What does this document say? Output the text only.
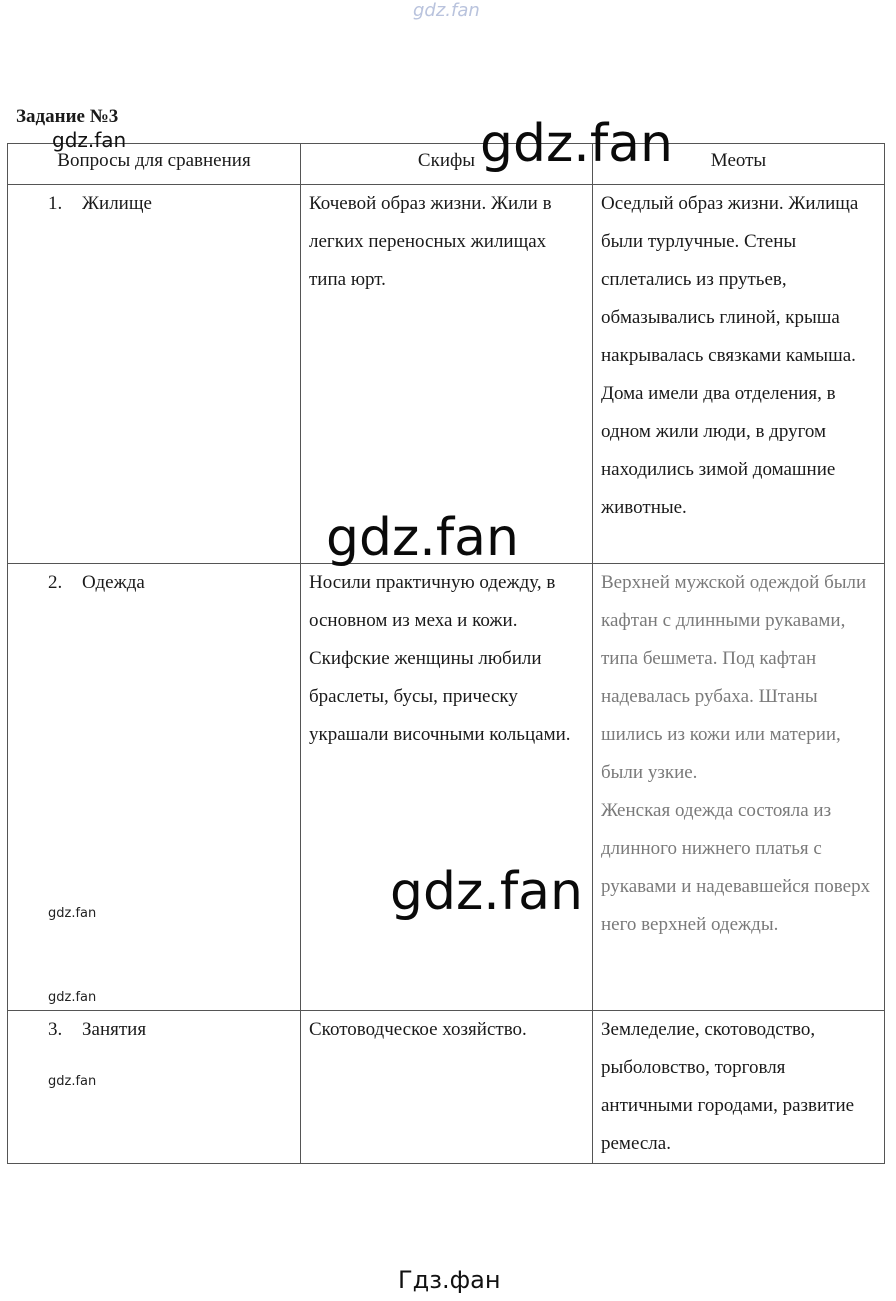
gdz.fan
Задание №3
Вопросы для сравнения	Скифы	Меоты
1. Жилище	Кочевой образ жизни. Жили в легких переносных жилищах типа юрт.	Оседлый образ жизни. Жилища были турлучные. Стены сплетались из прутьев, обмазывались глиной, крыша накрывалась связками камыша. Дома имели два отделения, в одном жили люди, в другом находились зимой домашние животные.
2. Одежда	Носили практичную одежду, в основном из меха и кожи. Скифские женщины любили браслеты, бусы, прическу украшали височными кольцами.	Верхней мужской одеждой были кафтан с длинными рукавами, типа бешмета. Под кафтан надевалась рубаха. Штаны шились из кожи или материи, были узкие.
Женская одежда состояла из длинного нижнего платья с рукавами и надевавшейся поверх него верхней одежды.

3. Занятия	Скотоводческое хозяйство.	Земледелие, скотоводство, рыболовство, торговля античными городами, развитие ремесла.
gdz.fan	gdz.fan
gdz.fan
gdz.fan
gdz.fan
gdz.fan
gdz.fan
Гдз.фан
